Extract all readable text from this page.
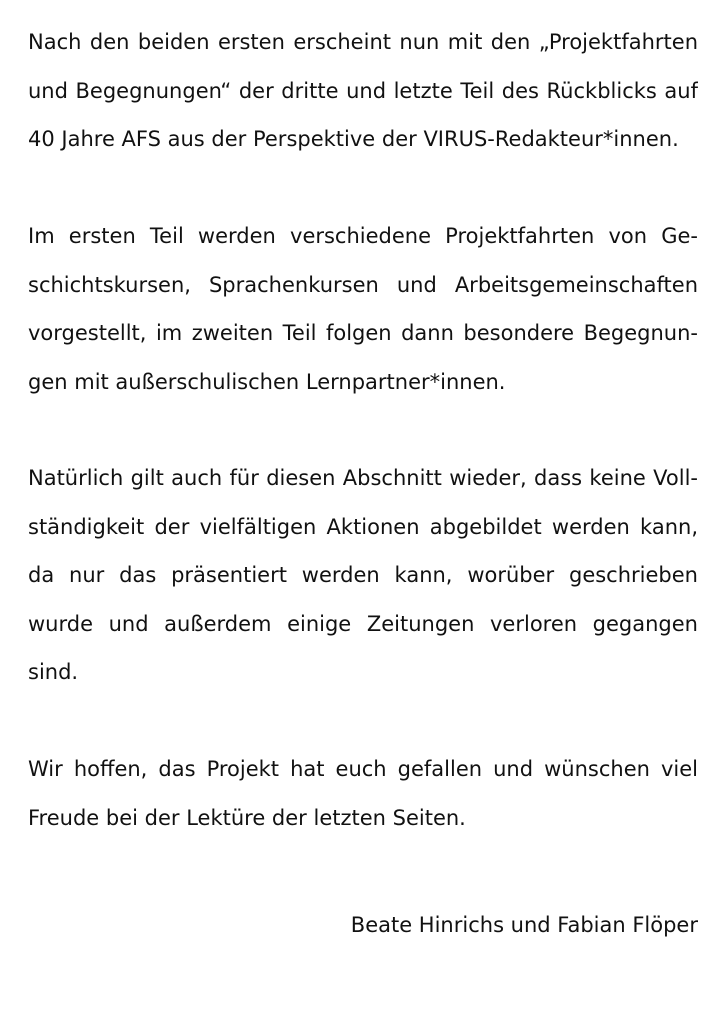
Nach den beiden ersten erscheint nun mit den „Projektfahrten
und Begegnungen“ der dritte und letzte Teil des Rückblicks auf
40 Jahre AFS aus der Perspektive der VIRUS-Redakteur*innen.
Im ersten Teil werden verschiedene Projektfahrten von Ge-
schichtskursen, Sprachenkursen und Arbeitsgemeinschaften
vorgestellt, im zweiten Teil folgen dann besondere Begegnun-
gen mit außerschulischen Lernpartner*innen.
Natürlich gilt auch für diesen Abschnitt wieder, dass keine Voll-
ständigkeit der vielfältigen Aktionen abgebildet werden kann,
da nur das präsentiert werden kann, worüber geschrieben
wurde und außerdem einige Zeitungen verloren gegangen
sind.
Wir hoffen, das Projekt hat euch gefallen und wünschen viel
Freude bei der Lektüre der letzten Seiten.
Beate Hinrichs und Fabian Flöper
